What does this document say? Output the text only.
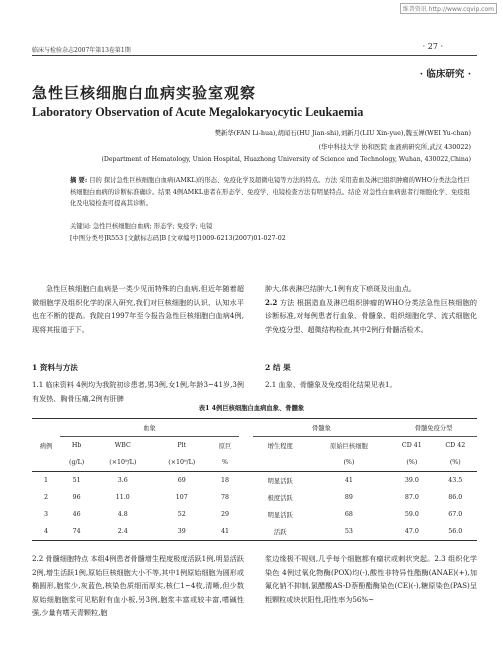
维普资讯 http://www.cqvip.com
临床与检验杂志2007年第13卷第1期	· 27 ·
· 临床研究 ·
急性巨核细胞白血病实验室观察
Laboratory Observation of Acute Megalokaryocytic Leukaemia
樊新华(FAN Li-hua),胡闻石(HU Jian-shi),刘新月(LIU Xin-yue),魏玉婵(WEI Yu-chan)
(华中科技大学 协和医院 血液病研究所,武汉 430022)
(Department of Hematology, Union Hospital, Huazhong University of Science and Technology, Wuhan, 430022,China)
摘 要: 目的 探讨急性巨核细胞白血病(AMKL)的形态、免疫化学及超微电镜等方法的特点。方法 采用造血及淋巴组织肿瘤的WHO分类法急性巨核细胞白血病的诊断标准确诊。结果 4例AMKL患者在形态学、免疫学、电镜检查方法有明显特点。结论 对急性白血病患者行细胞化学、免疫组化及电镜检查可提高其诊断。
关键词: 急性巨核细胞白血病; 形态学; 免疫学; 电镜
[中图分类号]R553 [文献标志码]B [文章编号]1009-6213(2007)01-027-02
急性巨核细胞白血病是一类少见而特殊的白血病,但近年随着超微细胞学及组织化学的深入研究,我们对巨核细胞的认识、认知水平也在不断的提高。我院自1997年至今报告急性巨核细胞白血病4例,现将其报道于下。
肿大,体表淋巴结肿大,1例有皮下瘀斑及出血点。
2.2 方法 根据造血及淋巴组织肿瘤的WHO分类法急性巨核细胞的诊断标准,对每例患者行血象、骨髓象、组织细胞化学、流式细胞化学免疫分型、超微结构检查,其中2例行骨髓活检术。
1 资料与方法	2 结 果
1.1 临床资料 4例均为我院初诊患者,男3例,女1例,年龄3~41岁,3例有发热、胸骨压痛,2例有肝脾
2.1 血象、骨髓象及免疫组化结果见表1。
表1 4例巨核细胞白血病血象、骨髓象
病例	血象					骨髓象		骨髓免疫分型	
	Hb	WBC	Plt	原巨		增生程度	原始巨核细胞	CD 41	CD 42
	(g/L)	(×10⁹/L)	(×10⁹/L)	%			(%)	(%)	(%)
1	51	3.6	69	18		明显活跃	41	39.0	43.5
2	96	11.0	107	78		极度活跃	89	87.0	86.0
3	46	4.8	52	29		明显活跃	68	59.0	67.0
4	74	2.4	39	41		活跃	53	47.0	56.0
2.2 骨髓细胞特点 本组4例患者骨髓增生程度极度活跃1例,明显活跃2例,增生活跃1例,原始巨核细胞大小不等,其中1例原始细胞为圆形或椭圆形,胞浆少,灰蓝色,核染色质细而厚实,核仁1~4枚,清晰,但少数原始细胞胞浆可见粘附有血小板,另3例,胞浆丰富或较丰富,嗜碱性强,少量有嗜天青颗粒,胞
浆边缘极不规则,几乎每个细胞都有瘤状或刺状突起。2.3 组织化学染色 4例过氧化物酶(POX)均(-),酸性非特异性酯酶(ANAE)(+),加氟化钠不抑制,氯醋酸AS-D萘酚酯酶染色(CE)(-),糖原染色(PAS)呈粗颗粒或块状阳性,阳性率为56%~
